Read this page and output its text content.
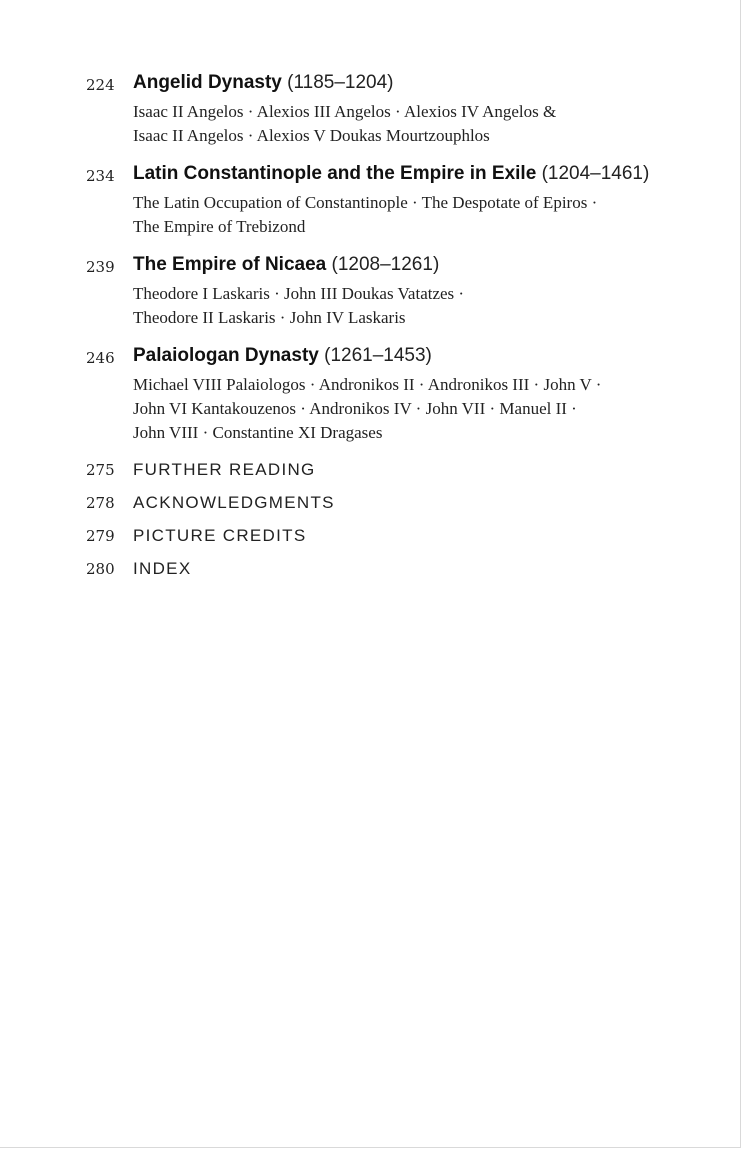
224 Angelid Dynasty (1185–1204)
Isaac II Angelos · Alexios III Angelos · Alexios IV Angelos &
Isaac II Angelos · Alexios V Doukas Mourtzouphlos
234 Latin Constantinople and the Empire in Exile (1204–1461)
The Latin Occupation of Constantinople · The Despotate of Epiros ·
The Empire of Trebizond
239 The Empire of Nicaea (1208–1261)
Theodore I Laskaris · John III Doukas Vatatzes ·
Theodore II Laskaris · John IV Laskaris
246 Palaiologan Dynasty (1261–1453)
Michael VIII Palaiologos · Andronikos II · Andronikos III · John V ·
John VI Kantakouzenos · Andronikos IV · John VII · Manuel II ·
John VIII · Constantine XI Dragases
275	FURTHER READING
278	ACKNOWLEDGMENTS
279	PICTURE CREDITS
280	INDEX
